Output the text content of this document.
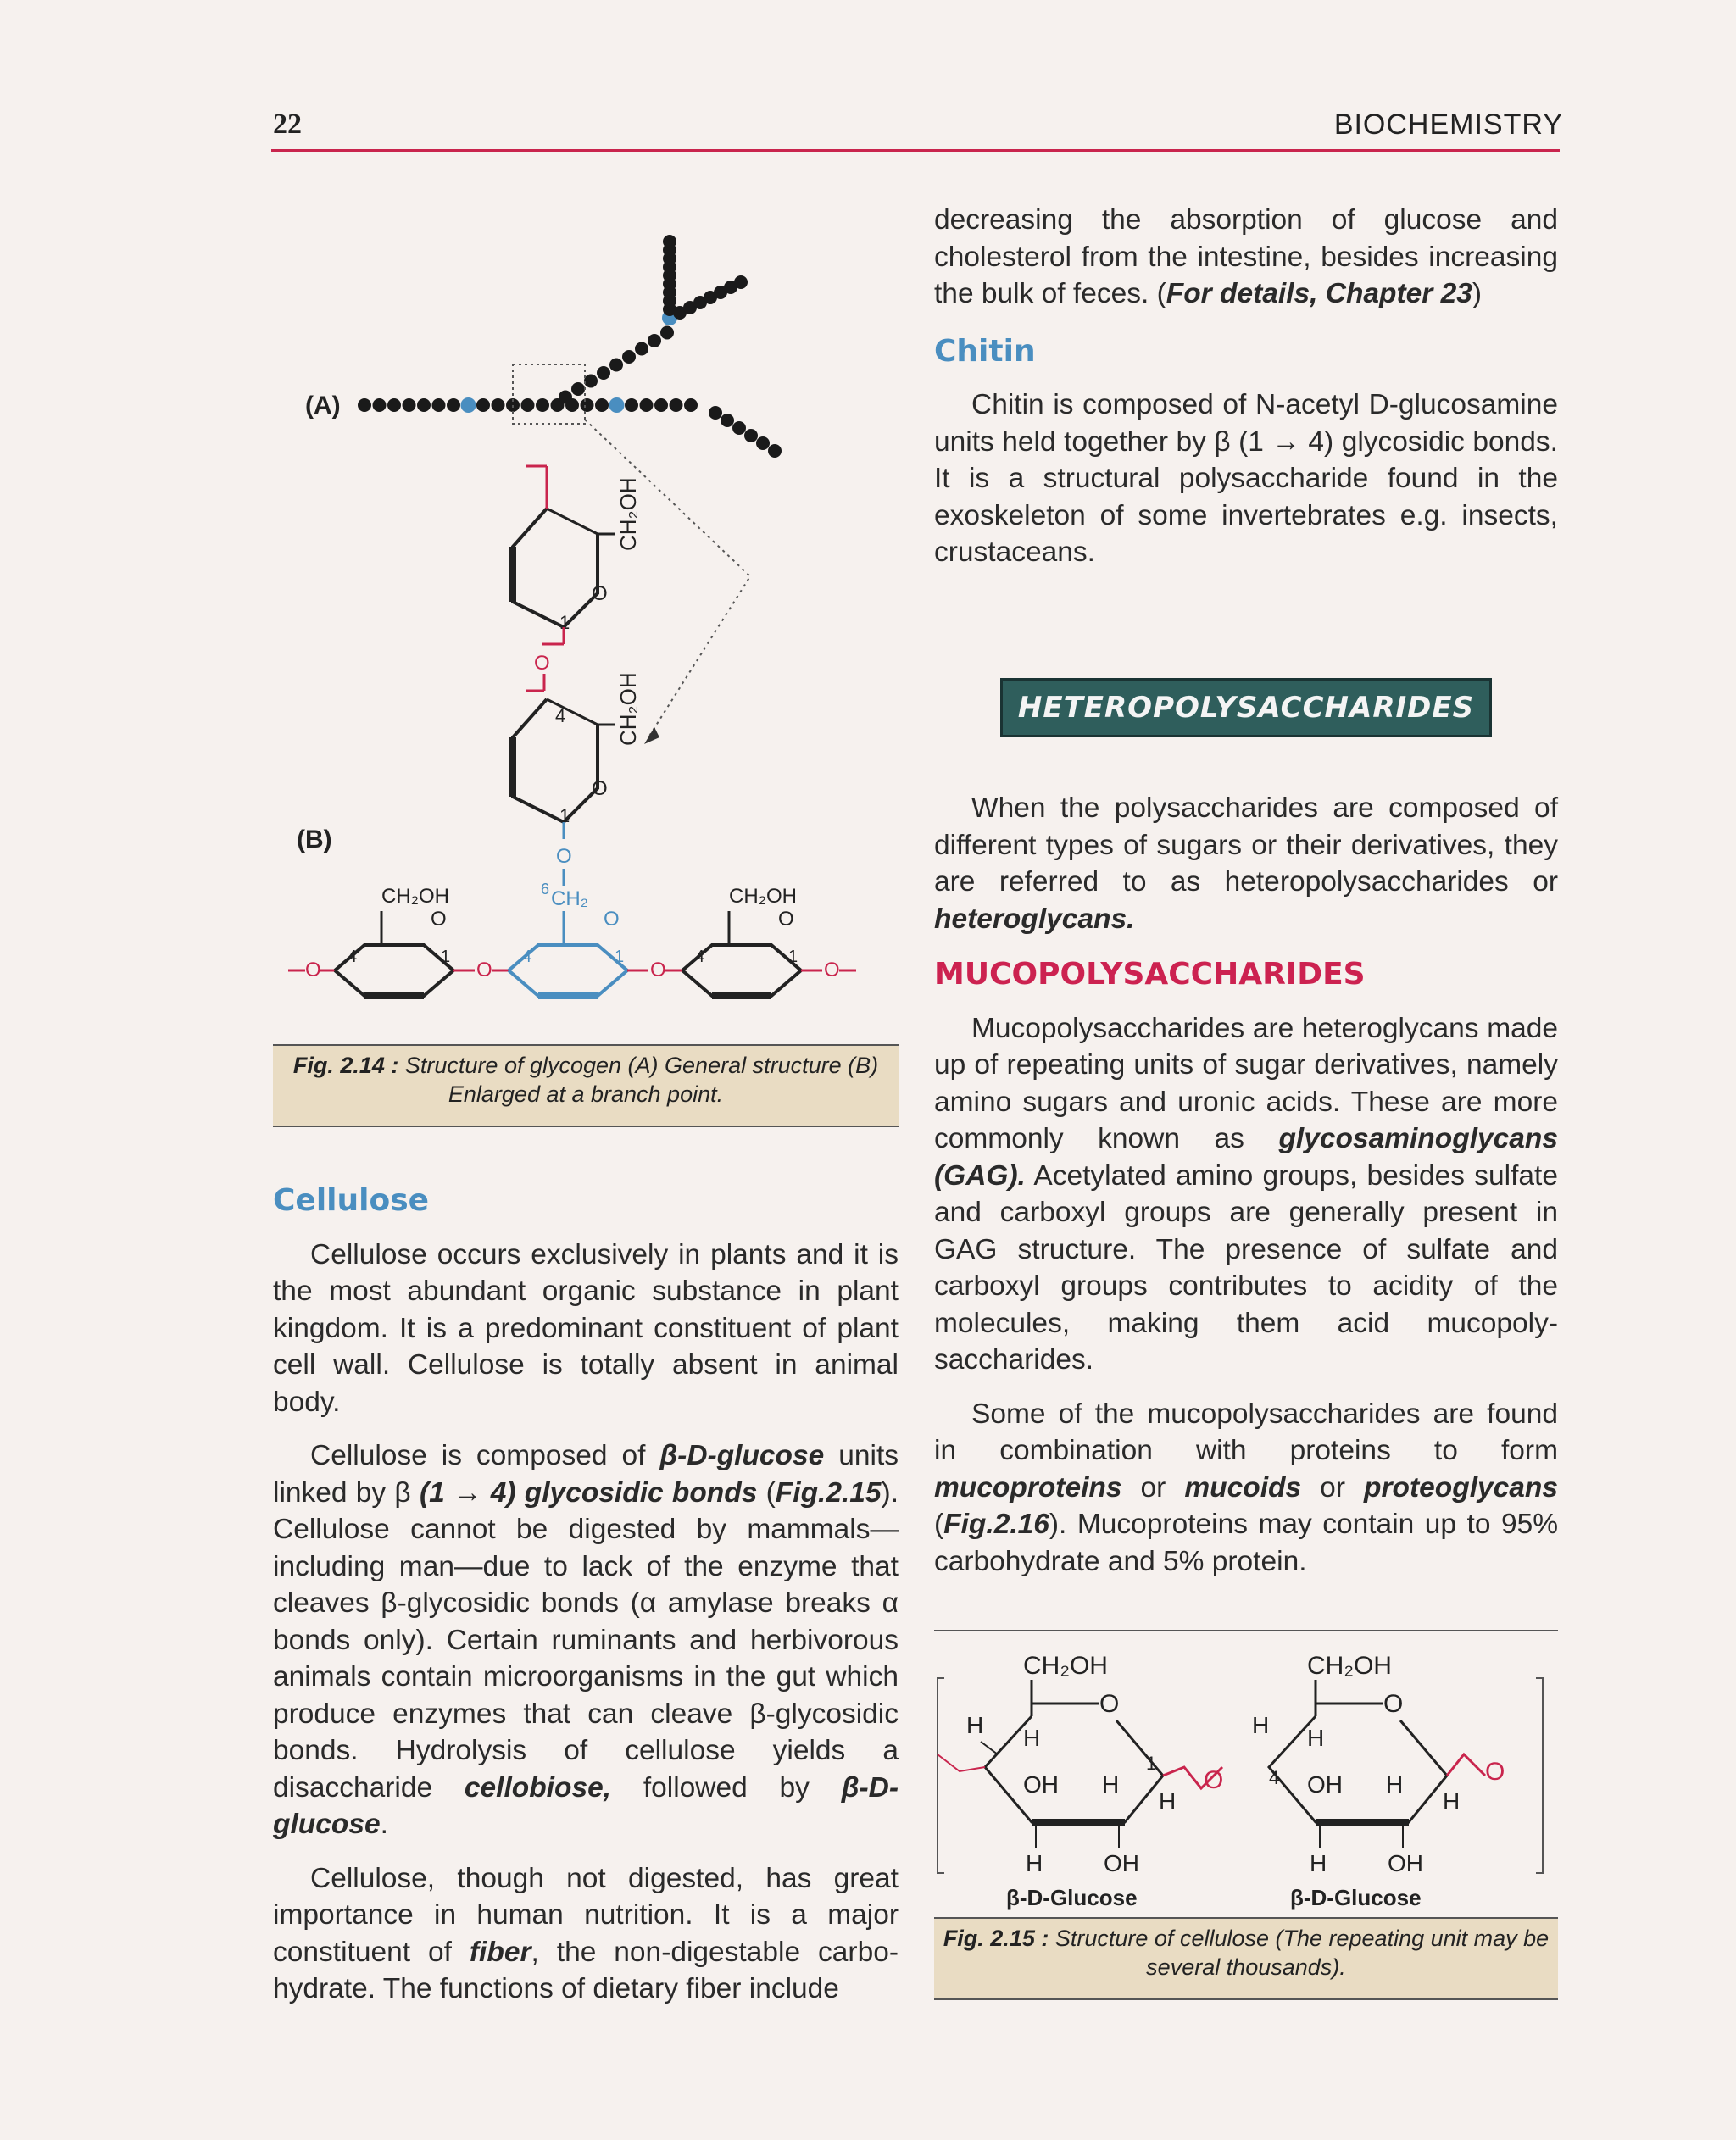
22	BIOCHEMISTRY
(A)
(B)
CH₂OH
O
1
O
4 CH₂OH
O
1
O
O
CH₂OH
O
4	1
O
6 CH₂
O
4	1
O
CH₂OH
O
4	1
O
Fig. 2.14 : Structure of glycogen (A) General structure (B) Enlarged at a branch point.
Cellulose

Cellulose occurs exclusively in plants and it is the most abundant organic substance in plant kingdom. It is a predominant constituent of plant cell wall. Cellulose is totally absent in animal body.

Cellulose is composed of β-D-glucose units linked by β (1 → 4) glycosidic bonds (Fig.2.15). Cellulose cannot be digested by mammals—including man—due to lack of the enzyme that cleaves β-glycosidic bonds (α amylase breaks α bonds only). Certain ruminants and herbivorous animals contain microorganisms in the gut which produce enzymes that can cleave β-glycosidic bonds. Hydrolysis of cellulose yields a disaccharide cellobiose, followed by β-D-glucose.

Cellulose, though not digested, has great importance in human nutrition. It is a major constituent of fiber, the non-digestable carbo-hydrate. The functions of dietary fiber include

decreasing the absorption of glucose and cholesterol from the intestine, besides increasing the bulk of feces. (For details, Chapter 23)

Chitin

Chitin is composed of N-acetyl D-glucosamine units held together by β (1 → 4) glycosidic bonds. It is a structural polysaccharide found in the exoskeleton of some invertebrates e.g. insects, crustaceans.

HETEROPOLYSACCHARIDES

When the polysaccharides are composed of different types of sugars or their derivatives, they are referred to as heteropolysaccharides or heteroglycans.

MUCOPOLYSACCHARIDES

Mucopolysaccharides are heteroglycans made up of repeating units of sugar derivatives, namely amino sugars and uronic acids. These are more commonly known as glycosaminoglycans (GAG). Acetylated amino groups, besides sulfate and carboxyl groups are generally present in GAG structure. The presence of sulfate and carboxyl groups contributes to acidity of the molecules, making them acid mucopoly-saccharides.

Some of the mucopolysaccharides are found in combination with proteins to form mucoproteins or mucoids or proteoglycans (Fig.2.16). Mucoproteins may contain up to 95% carbohydrate and 5% protein.

CH₂OH
O
H H
OH H
H
1
H	OH
β-D-Glucose
O
CH₂OH
O
H
4
H
OH H
H
H	OH
β-D-Glucose
O
Fig. 2.15 : Structure of cellulose (The repeating unit may be several thousands).
